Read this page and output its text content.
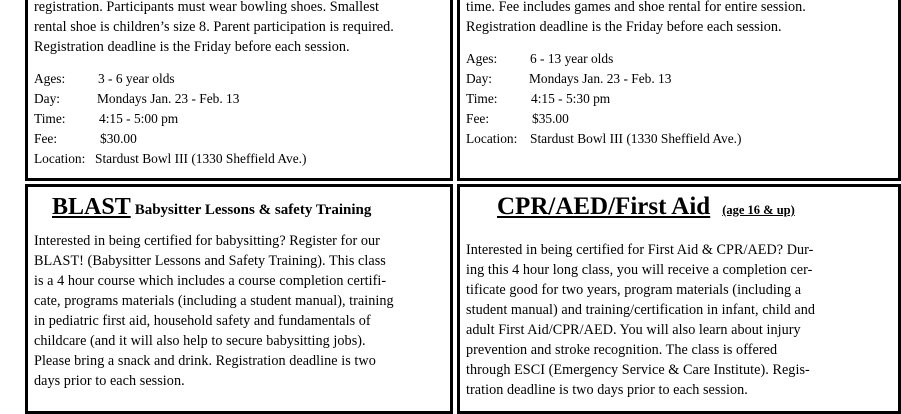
registration. Participants must wear bowling shoes. Smallest
rental shoe is children’s size 8. Parent participation is required.
Registration deadline is the Friday before each session.
Ages: 3 - 6 year olds
Day:	Mondays Jan. 23 - Feb. 13
Time: 4:15 - 5:00 pm
Fee:	$30.00
Location: Stardust Bowl III (1330 Sheffield Ave.)
time. Fee includes games and shoe rental for entire session.
Registration deadline is the Friday before each session.
Ages: 6 - 13 year olds
Day:	Mondays Jan. 23 - Feb. 13
Time: 4:15 - 5:30 pm
Fee:	$35.00
Location: Stardust Bowl III (1330 Sheffield Ave.)
BLAST Babysitter Lessons & safety Training
Interested in being certified for babysitting? Register for our
BLAST! (Babysitter Lessons and Safety Training). This class
is a 4 hour course which includes a course completion certifi-
cate, programs materials (including a student manual), training
in pediatric first aid, household safety and fundamentals of
childcare (and it will also help to secure babysitting jobs).
Please bring a snack and drink. Registration deadline is two
days prior to each session.
CPR/AED/First Aid (age 16 & up)
Interested in being certified for First Aid & CPR/AED? Dur-
ing this 4 hour long class, you will receive a completion cer-
tificate good for two years, program materials (including a
student manual) and training/certification in infant, child and
adult First Aid/CPR/AED. You will also learn about injury
prevention and stroke recognition. The class is offered
through ESCI (Emergency Service & Care Institute). Regis-
tration deadline is two days prior to each session.
